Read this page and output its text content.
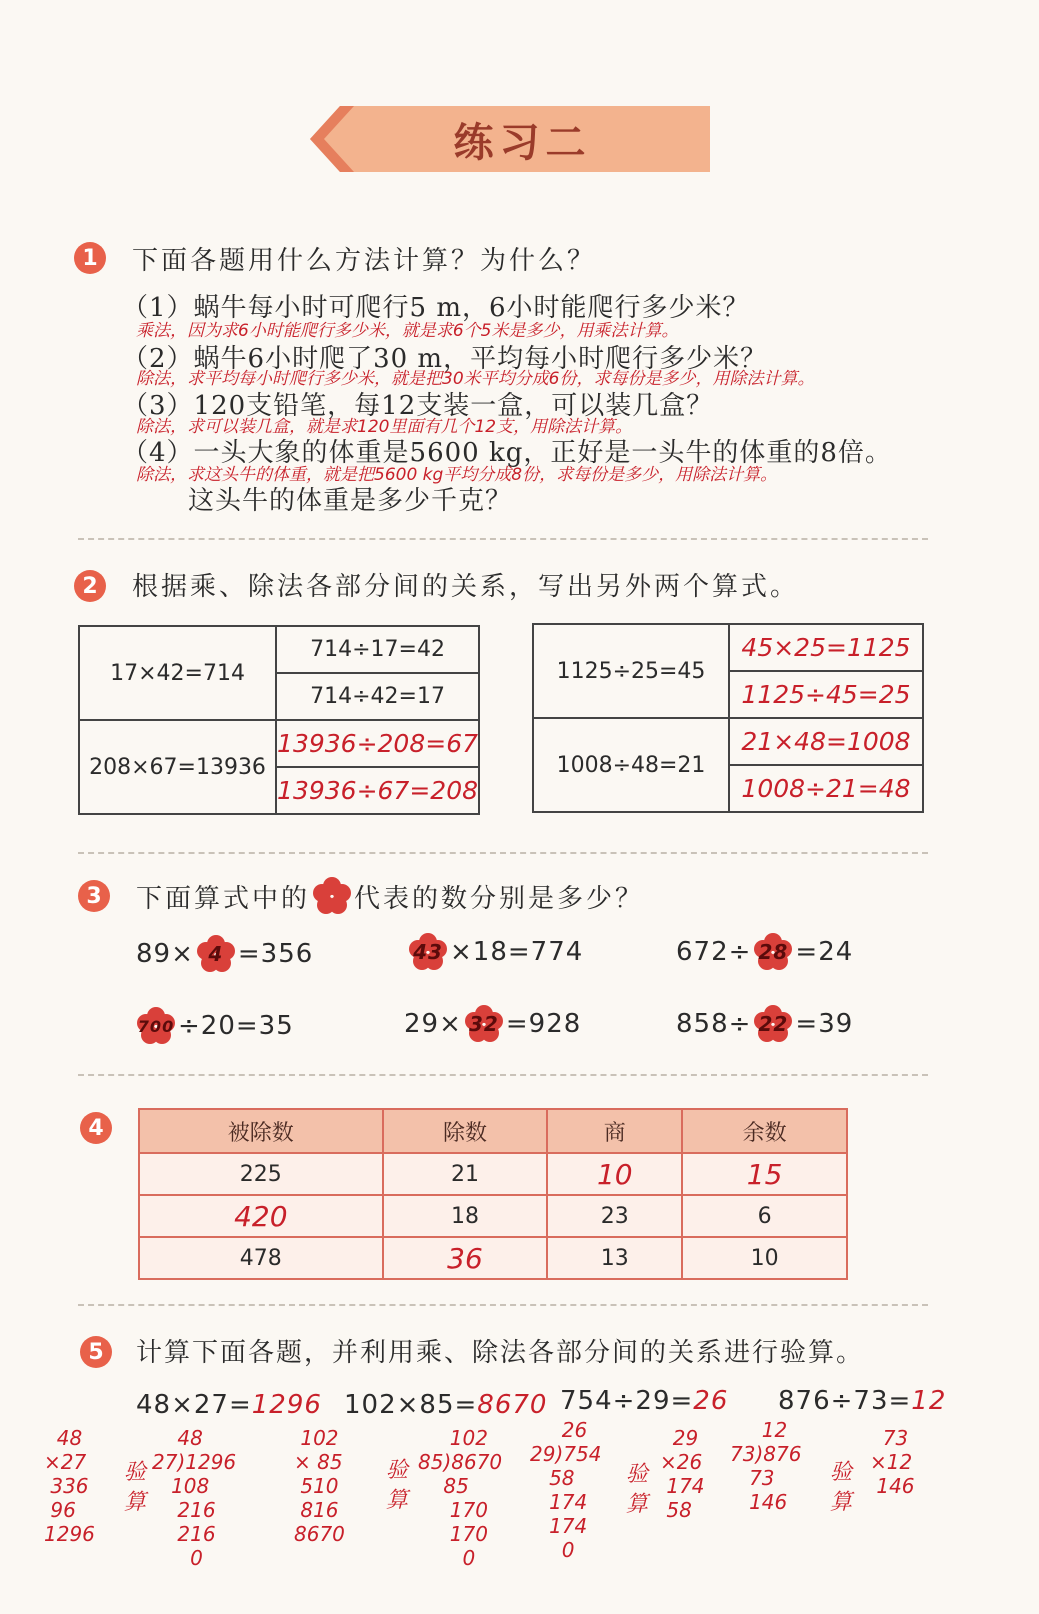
练习二
1	下面各题用什么方法计算？为什么？
（1）蜗牛每小时可爬行5 m，6小时能爬行多少米？
乘法，因为求6小时能爬行多少米，就是求6个5米是多少，用乘法计算。
（2）蜗牛6小时爬了30 m，平均每小时爬行多少米？
除法，求平均每小时爬行多少米，就是把30米平均分成6份，求每份是多少，用除法计算。
（3）120支铅笔，每12支装一盒，可以装几盒？
除法，求可以装几盒，就是求120里面有几个12支，用除法计算。
（4）一头大象的体重是5600 kg，正好是一头牛的体重的8倍。
除法，求这头牛的体重，就是把5600 kg平均分成8份，求每份是多少，用除法计算。
这头牛的体重是多少千克？
2	根据乘、除法各部分间的关系，写出另外两个算式。
17×42=714	714÷17=42
	714÷42=17
208×67=13936	13936÷208=67
	13936÷67=208
1125÷25=45	45×25=1125
	1125÷45=25
1008÷48=21	21×48=1008
	1008÷21=48
3	下面算式中的 代表的数分别是多少？
89× 4 =356	43 ×18=774	672÷ 28 =24
700 ÷20=35	29× 32 =928	858÷ 22 =39
4	被除数	除数	商	余数
225	21	10	15
420	18	23	6
478	36	13	10
5	计算下面各题，并利用乘、除法各部分间的关系进行验算。
48×27=1296 102×85=8670 754÷29=26 876÷73=12
48
×27
336
96
1296
验算
48
27)1296
108
216
216
0
102
× 85
510
816
8670
验算
102
85)8670
85
170
170
0
26
29)754
58
174
174
0
验算
29
×26
174
58
12
73)876
73
146
验算
73
×12
146
